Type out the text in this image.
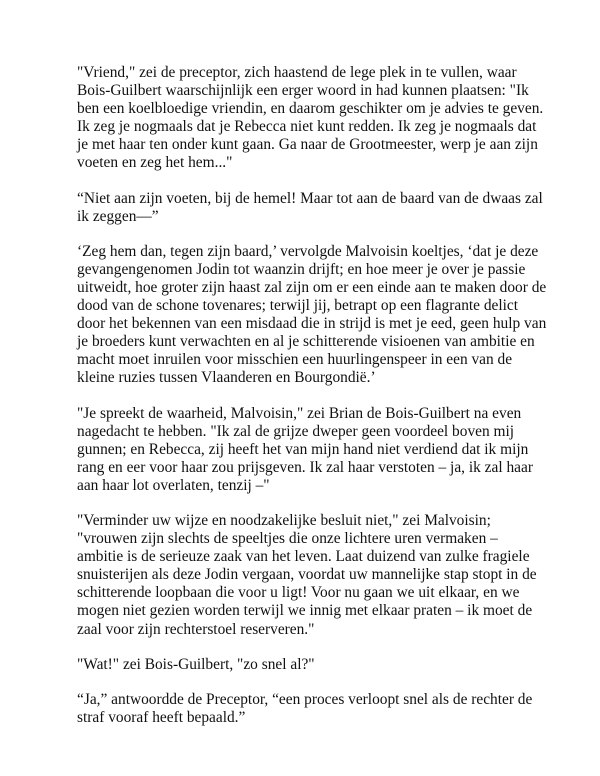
"Vriend," zei de preceptor, zich haastend de lege plek in te vullen, waar Bois-Guilbert waarschijnlijk een erger woord in had kunnen plaatsen: "Ik ben een koelbloedige vriendin, en daarom geschikter om je advies te geven. Ik zeg je nogmaals dat je Rebecca niet kunt redden. Ik zeg je nogmaals dat je met haar ten onder kunt gaan. Ga naar de Grootmeester, werp je aan zijn voeten en zeg het hem..."

“Niet aan zijn voeten, bij de hemel! Maar tot aan de baard van de dwaas zal ik zeggen—”

‘Zeg hem dan, tegen zijn baard,’ vervolgde Malvoisin koeltjes, ‘dat je deze gevangengenomen Jodin tot waanzin drijft; en hoe meer je over je passie uitweidt, hoe groter zijn haast zal zijn om er een einde aan te maken door de dood van de schone tovenares; terwijl jij, betrapt op een flagrante delict door het bekennen van een misdaad die in strijd is met je eed, geen hulp van je broeders kunt verwachten en al je schitterende visioenen van ambitie en macht moet inruilen voor misschien een huurlingenspeer in een van de kleine ruzies tussen Vlaanderen en Bourgondië.’

"Je spreekt de waarheid, Malvoisin," zei Brian de Bois-Guilbert na even nagedacht te hebben. "Ik zal de grijze dweper geen voordeel boven mij gunnen; en Rebecca, zij heeft het van mijn hand niet verdiend dat ik mijn rang en eer voor haar zou prijsgeven. Ik zal haar verstoten – ja, ik zal haar aan haar lot overlaten, tenzij –"

"Verminder uw wijze en noodzakelijke besluit niet," zei Malvoisin; "vrouwen zijn slechts de speeltjes die onze lichtere uren vermaken – ambitie is de serieuze zaak van het leven. Laat duizend van zulke fragiele snuisterijen als deze Jodin vergaan, voordat uw mannelijke stap stopt in de schitterende loopbaan die voor u ligt! Voor nu gaan we uit elkaar, en we mogen niet gezien worden terwijl we innig met elkaar praten – ik moet de zaal voor zijn rechterstoel reserveren."

"Wat!" zei Bois-Guilbert, "zo snel al?"

“Ja,” antwoordde de Preceptor, “een proces verloopt snel als de rechter de straf vooraf heeft bepaald.”
